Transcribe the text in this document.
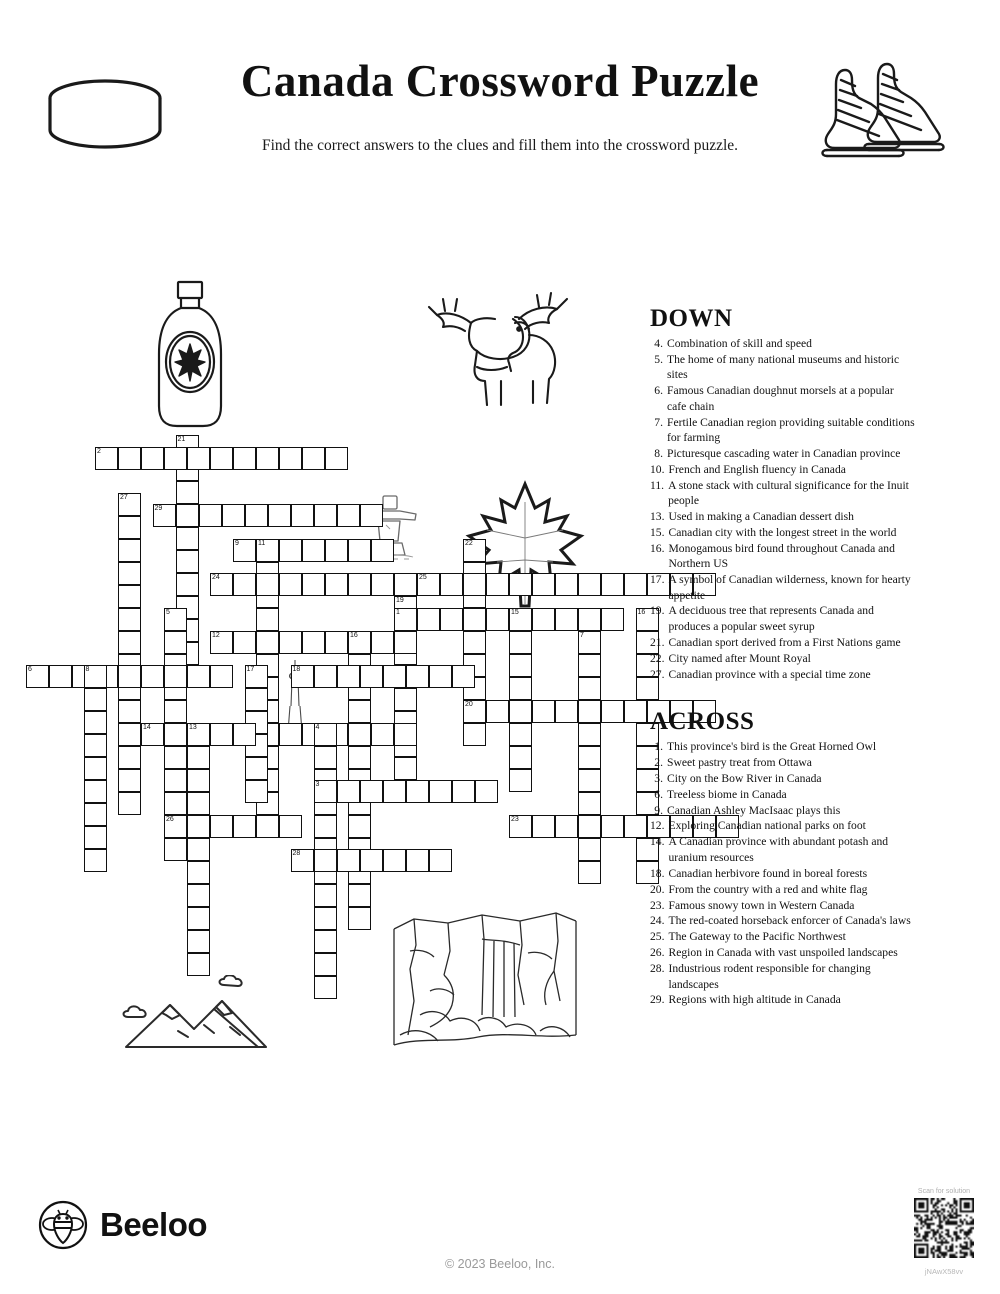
Canada Crossword Puzzle
Find the correct answers to the clues and fill them into the crossword puzzle.
21
2
27
29
9	11	22
20
24	25
19
5
26
1	15	16
12	16	7
6	8	17	18
14	13	4
3
23
28
DOWN
4. Combination of skill and speed
5. The home of many national museums and historic sites
6. Famous Canadian doughnut morsels at a popular cafe chain
7. Fertile Canadian region providing suitable conditions for farming
8. Picturesque cascading water in Canadian province
10. French and English fluency in Canada
11. A stone stack with cultural significance for the Inuit people
13. Used in making a Canadian dessert dish
15. Canadian city with the longest street in the world
16. Monogamous bird found throughout Canada and Northern US
17. A symbol of Canadian wilderness, known for hearty appetite
19. A deciduous tree that represents Canada and produces a popular sweet syrup
21. Canadian sport derived from a First Nations game
22. City named after Mount Royal
27. Canadian province with a special time zone
ACROSS
1. This province's bird is the Great Horned Owl
2. Sweet pastry treat from Ottawa
3. City on the Bow River in Canada
6. Treeless biome in Canada
9. Canadian Ashley MacIsaac plays this
12. Exploring Canadian national parks on foot
14. A Canadian province with abundant potash and uranium resources
18. Canadian herbivore found in boreal forests
20. From the country with a red and white flag
23. Famous snowy town in Western Canada
24. The red-coated horseback enforcer of Canada's laws
25. The Gateway to the Pacific Northwest
26. Region in Canada with vast unspoiled landscapes
28. Industrious rodent responsible for changing landscapes
29. Regions with high altitude in Canada
Beeloo
© 2023 Beeloo, Inc.
Scan for solution
jNAwX58vv
